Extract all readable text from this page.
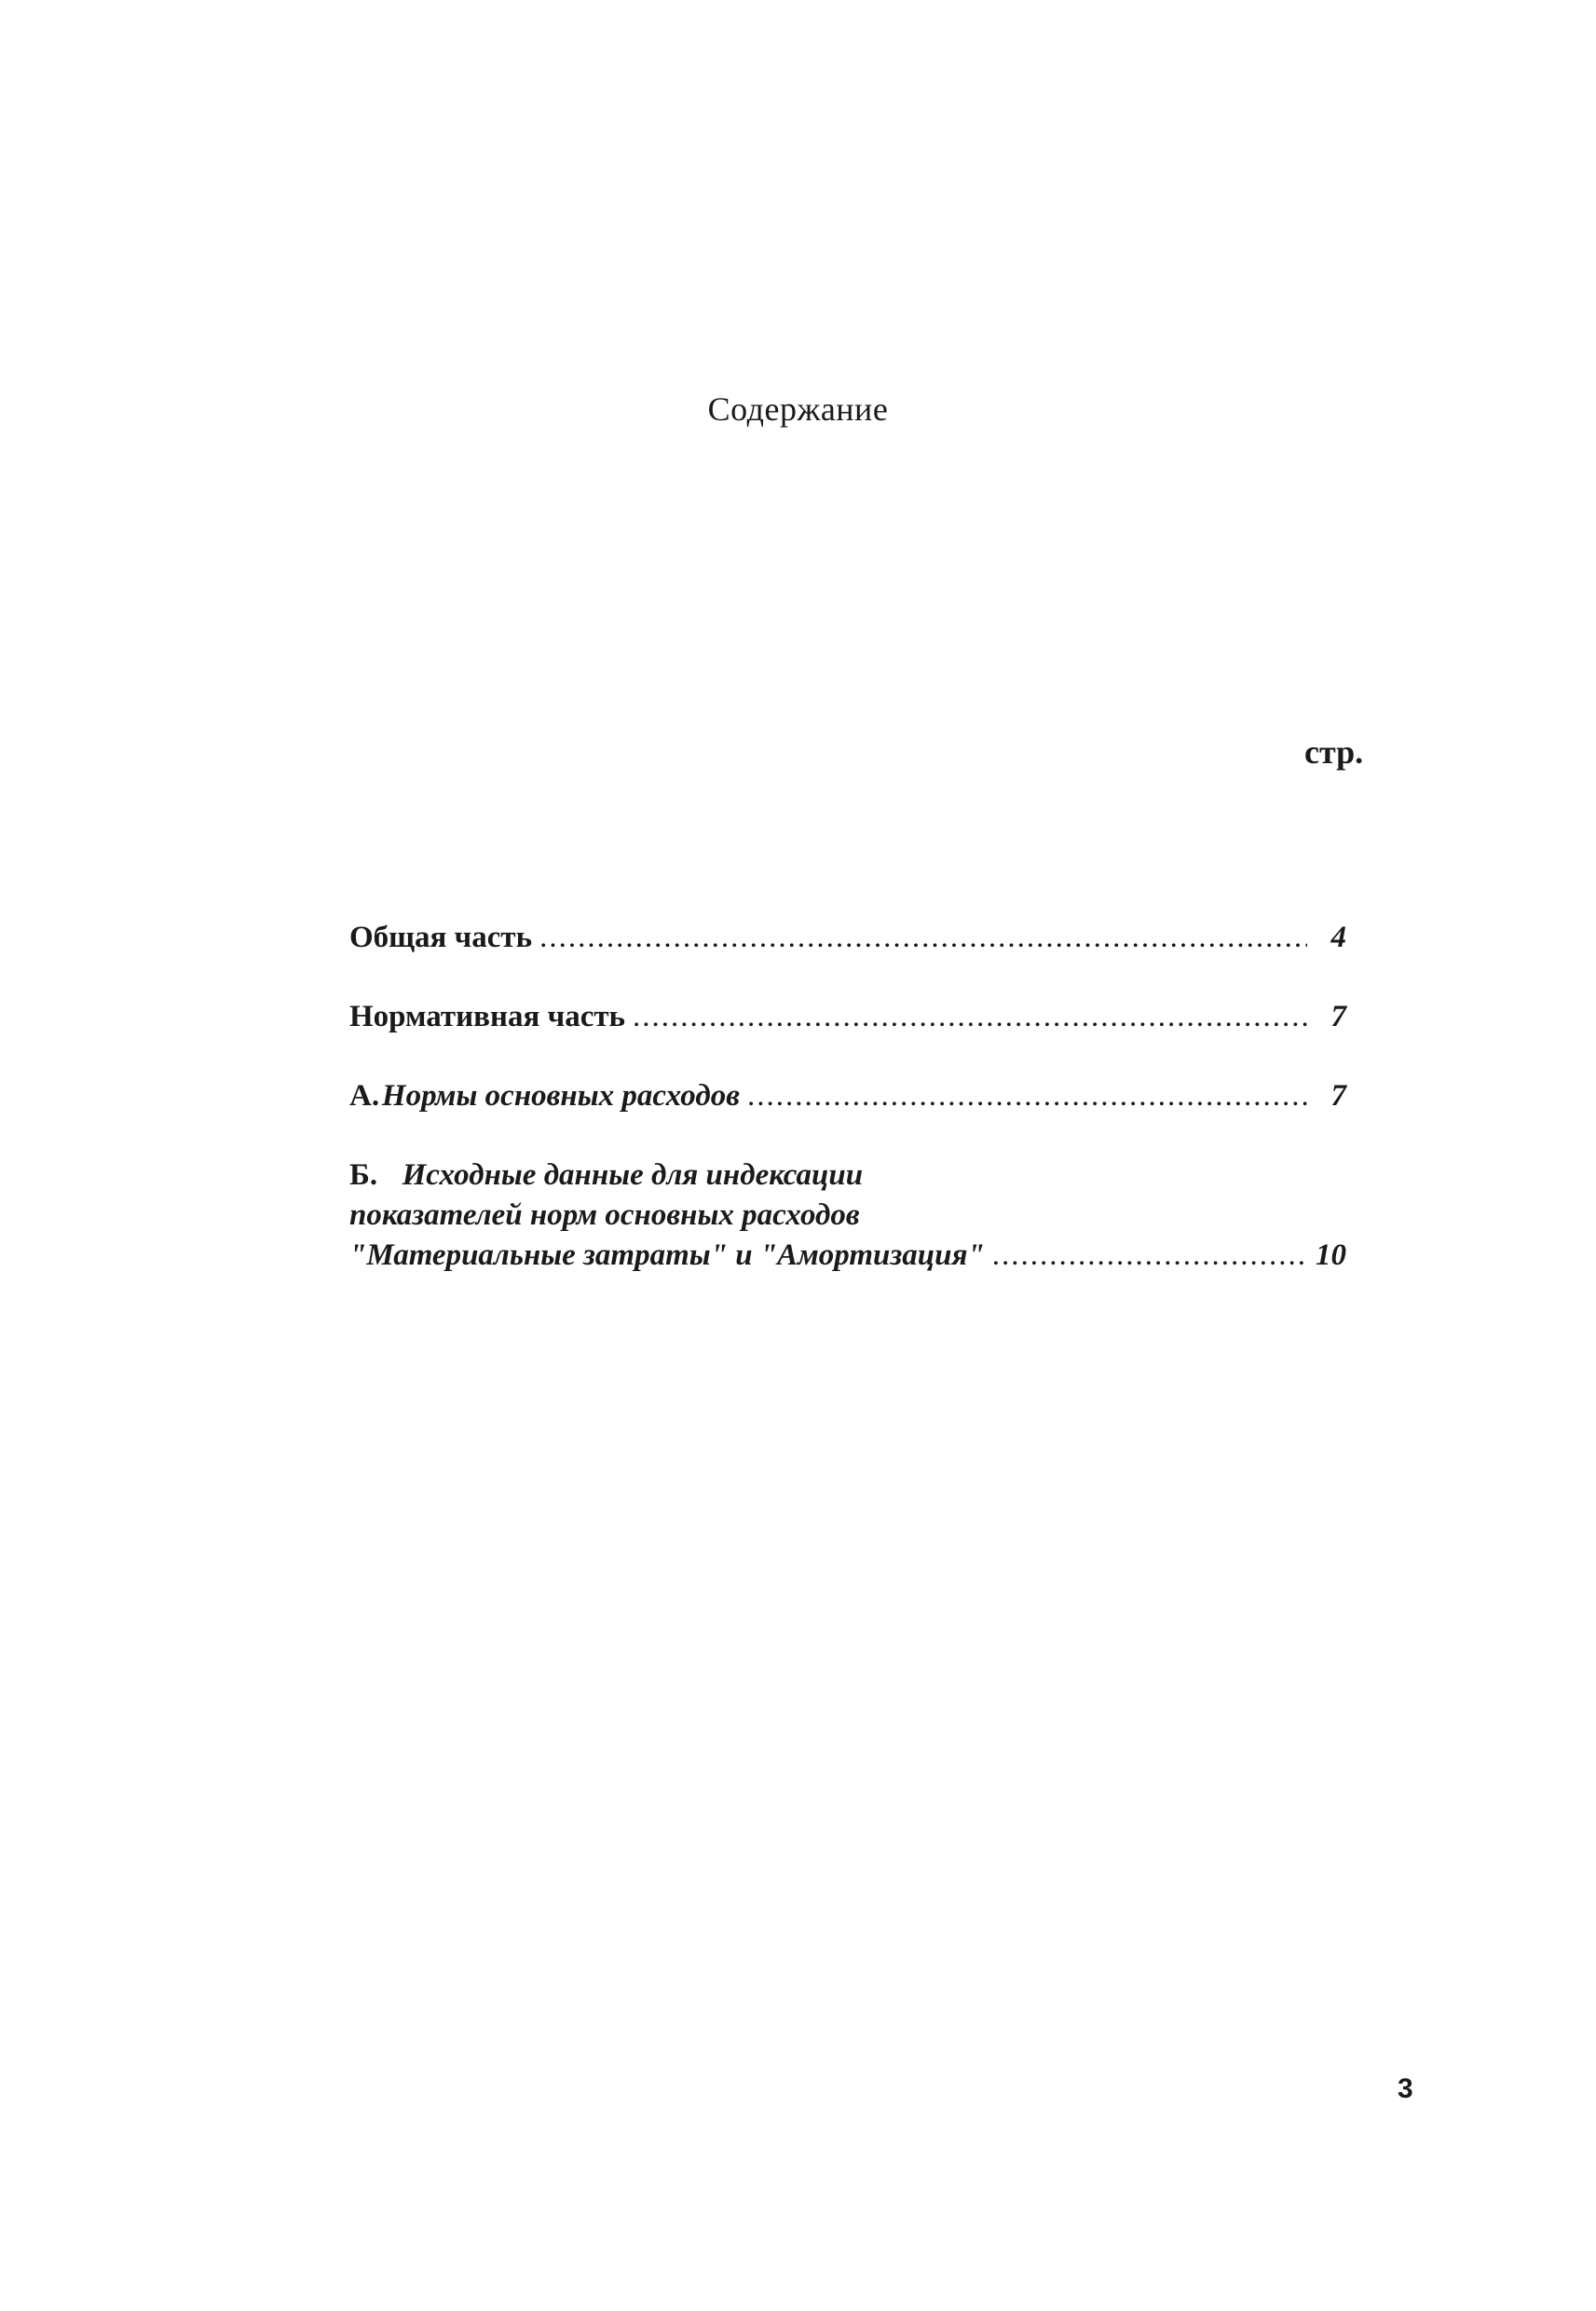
Содержание
стр.
Общая часть .....	4
Нормативная часть .....	7
А. Нормы основных расходов .....	7
Б. Исходные данные для индексации
показателей норм основных расходов
"Материальные затраты" и "Амортизация" .....	10
3
